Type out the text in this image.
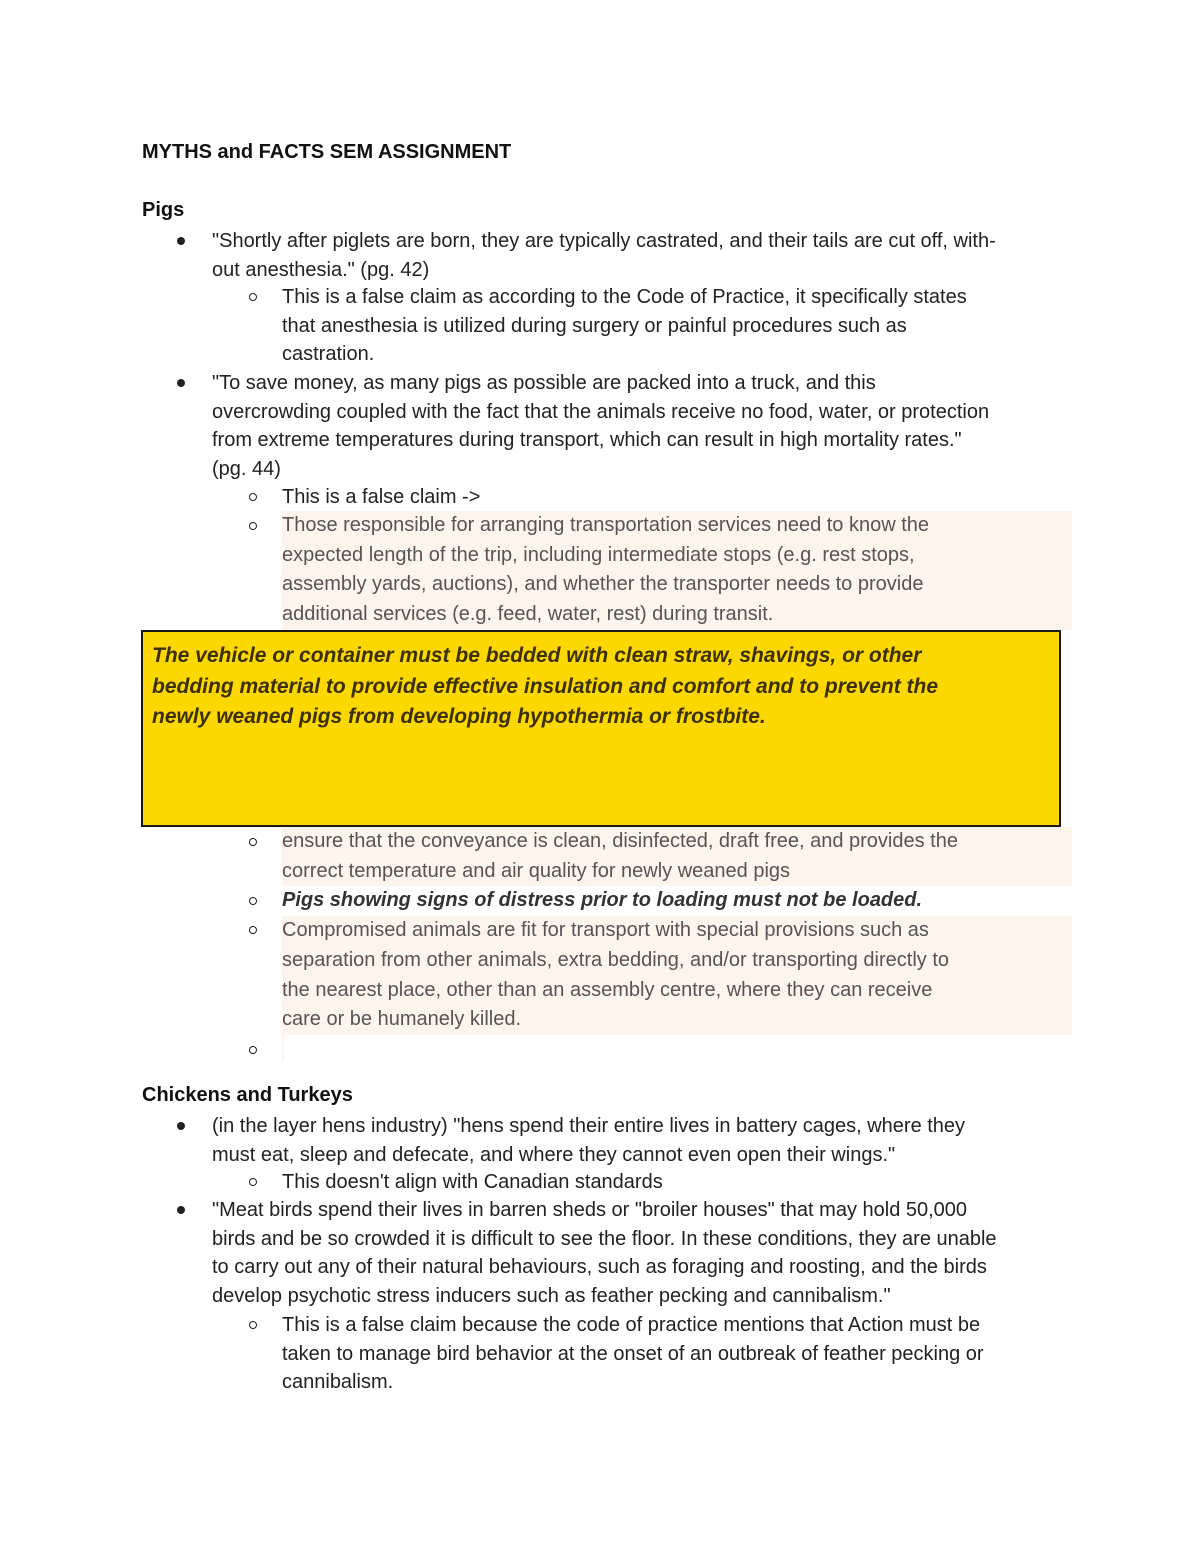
MYTHS and FACTS SEM ASSIGNMENT
Pigs
"Shortly after piglets are born, they are typically castrated, and their tails are cut off, with-
out anesthesia." (pg. 42)
This is a false claim as according to the Code of Practice, it specifically states
that anesthesia is utilized during surgery or painful procedures such as
castration.
"To save money, as many pigs as possible are packed into a truck, and this
overcrowding coupled with the fact that the animals receive no food, water, or protection
from extreme temperatures during transport, which can result in high mortality rates."
(pg. 44)
This is a false claim ->
Those responsible for arranging transportation services need to know the
expected length of the trip, including intermediate stops (e.g. rest stops,
assembly yards, auctions), and whether the transporter needs to provide
additional services (e.g. feed, water, rest) during transit.
The vehicle or container must be bedded with clean straw, shavings, or other
bedding material to provide effective insulation and comfort and to prevent the
newly weaned pigs from developing hypothermia or frostbite.
ensure that the conveyance is clean, disinfected, draft free, and provides the
correct temperature and air quality for newly weaned pigs
Pigs showing signs of distress prior to loading must not be loaded.
Compromised animals are fit for transport with special provisions such as
separation from other animals, extra bedding, and/or transporting directly to
the nearest place, other than an assembly centre, where they can receive
care or be humanely killed.
Chickens and Turkeys
(in the layer hens industry) "hens spend their entire lives in battery cages, where they
must eat, sleep and defecate, and where they cannot even open their wings."
This doesn't align with Canadian standards
"Meat birds spend their lives in barren sheds or "broiler houses" that may hold 50,000
birds and be so crowded it is difficult to see the floor. In these conditions, they are unable
to carry out any of their natural behaviours, such as foraging and roosting, and the birds
develop psychotic stress inducers such as feather pecking and cannibalism."
This is a false claim because the code of practice mentions that Action must be
taken to manage bird behavior at the onset of an outbreak of feather pecking or
cannibalism.
